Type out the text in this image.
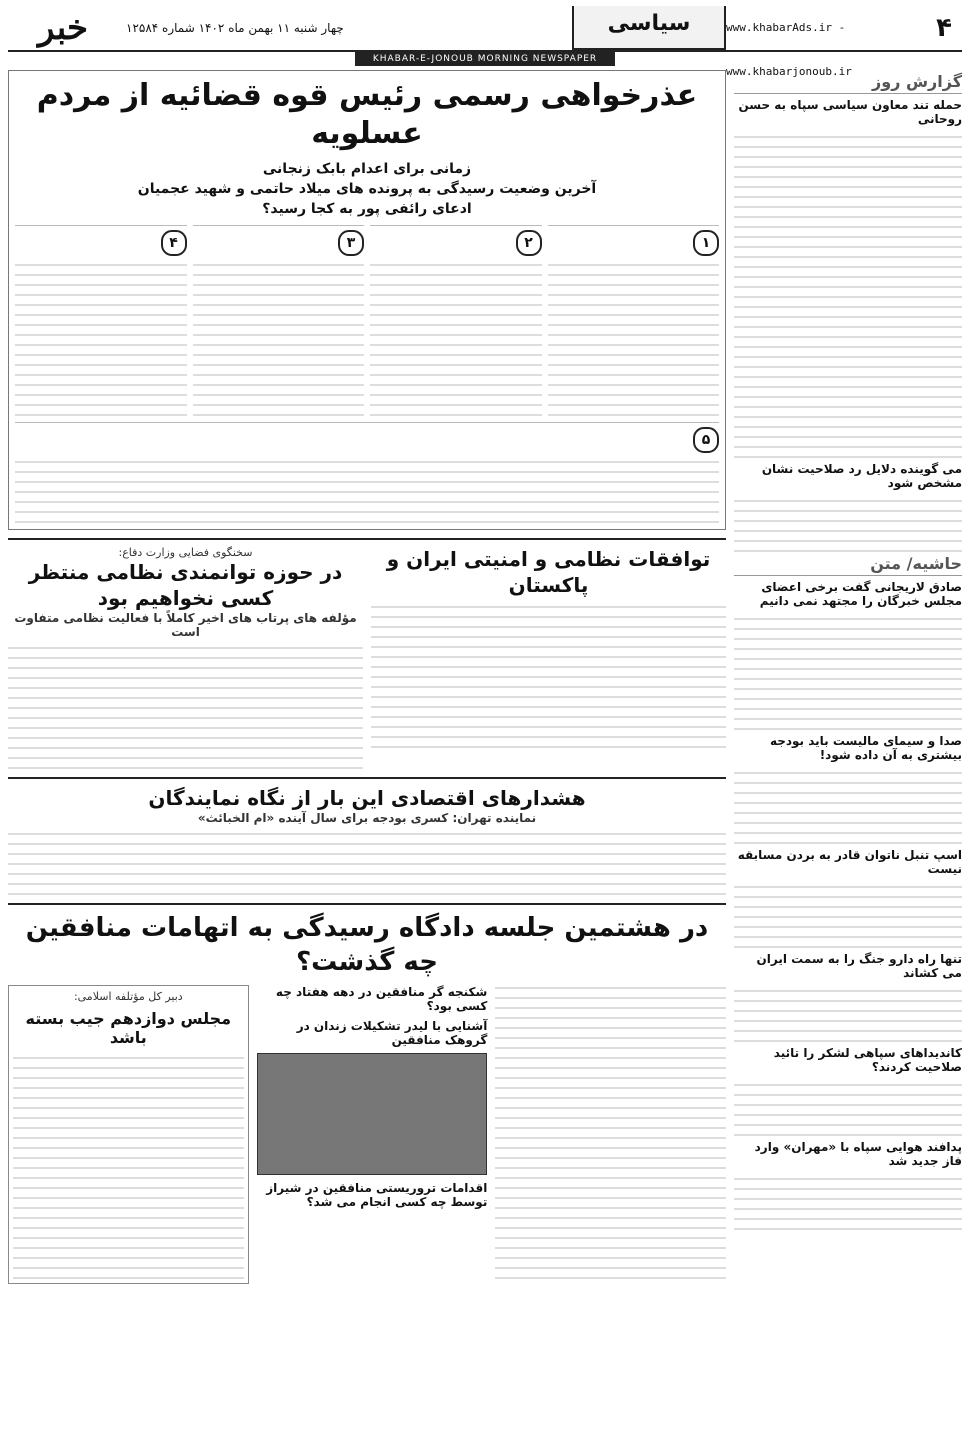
۴
www.khabarAds.ir - www.khabarjonoub.ir
سیاسی
چهار شنبه ۱۱ بهمن ماه ۱۴۰۲ شماره ۱۲۵۸۴
خبر
KHABAR-E-JONOUB MORNING NEWSPAPER
گزارش روز
حمله تند معاون سیاسی سپاه به حسن روحانی
می گوینده دلایل رد صلاحیت نشان مشخص شود
حاشیه/ متن
صادق لاریجانی گفت برخی اعضای مجلس خبرگان را مجتهد نمی دانیم
صدا و سیمای مالیست باید بودجه بیشتری به آن داده شود!
اسپ تنبل ناتوان قادر به بردن مسابقه نیست
تنها راه دارو جنگ را به سمت ایران می کشاند
کاندیداهای سپاهی لشکر را تائید صلاحیت کردند؟
پدافند هوایی سپاه با «مهران» وارد فاز جدید شد
عذرخواهی رسمی رئیس قوه قضائیه از مردم عسلویه
زمانی برای اعدام بابک زنجانی
آخرین وضعیت رسیدگی به پرونده های میلاد حاتمی و شهید عجمیان
ادعای رائفی پور به کجا رسید؟
۱
۲
۳
۴
۵
توافقات نظامی و امنیتی ایران و پاکستان
سخنگوی فضایی وزارت دفاع:
در حوزه توانمندی نظامی منتظر کسی نخواهیم بود
مؤلفه های پرتاب های اخیر کاملاً با فعالیت نظامی متفاوت است
هشدارهای اقتصادی این بار از نگاه نمایندگان
نماینده تهران: کسری بودجه برای سال آینده «ام الخبائث»
در هشتمین جلسه دادگاه رسیدگی به اتهامات منافقین چه گذشت؟
شکنجه گر منافقین در دهه هفتاد چه کسی بود؟
آشنایی با لیدر تشکیلات زندان در گروهک منافقین
اقدامات تروریستی منافقین در شیراز توسط چه کسی انجام می شد؟
دبیر کل مؤتلفه اسلامی:
مجلس دوازدهم جیب بسته باشد
